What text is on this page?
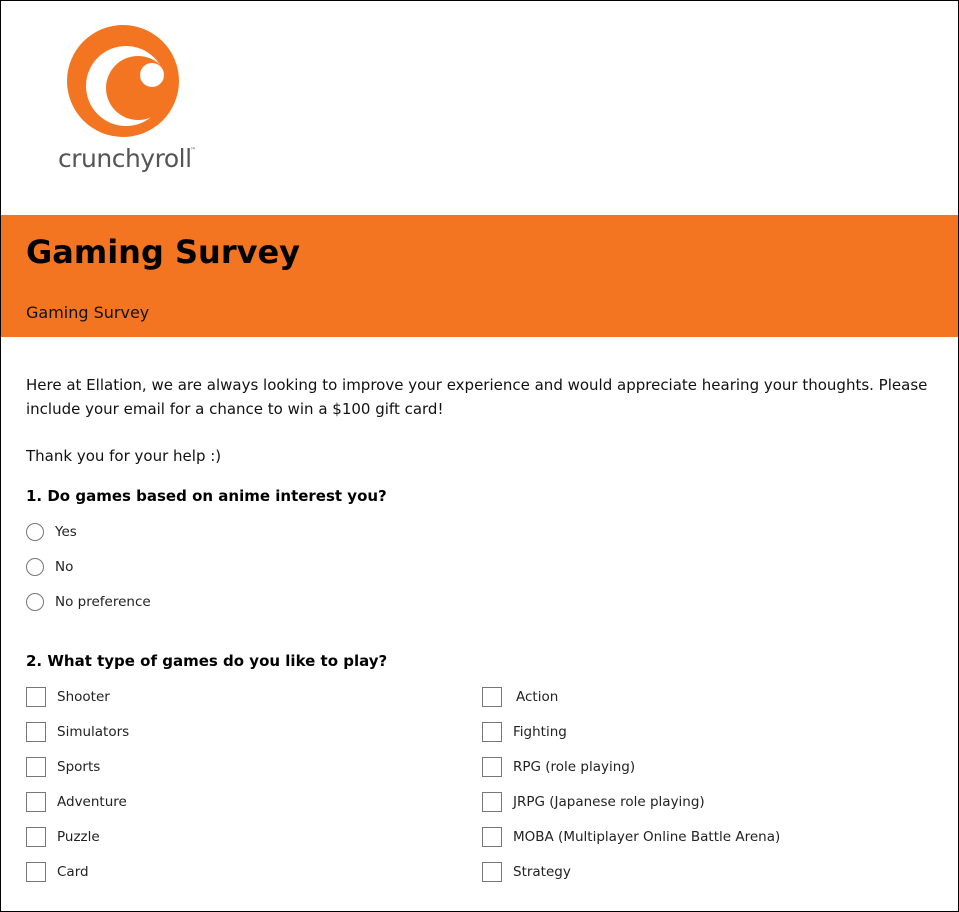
crunchyroll
™
Gaming Survey
Gaming Survey

Here at Ellation, we are always looking to improve your experience and would appreciate hearing your thoughts. Please include your email for a chance to win a $100 gift card!

Thank you for your help :)
1. Do games based on anime interest you?
Yes
No
No preference
2. What type of games do you like to play?
Shooter
Simulators
Sports
Adventure
Puzzle
Card
Action
Fighting
RPG (role playing)
JRPG (Japanese role playing)
MOBA (Multiplayer Online Battle Arena)
Strategy
